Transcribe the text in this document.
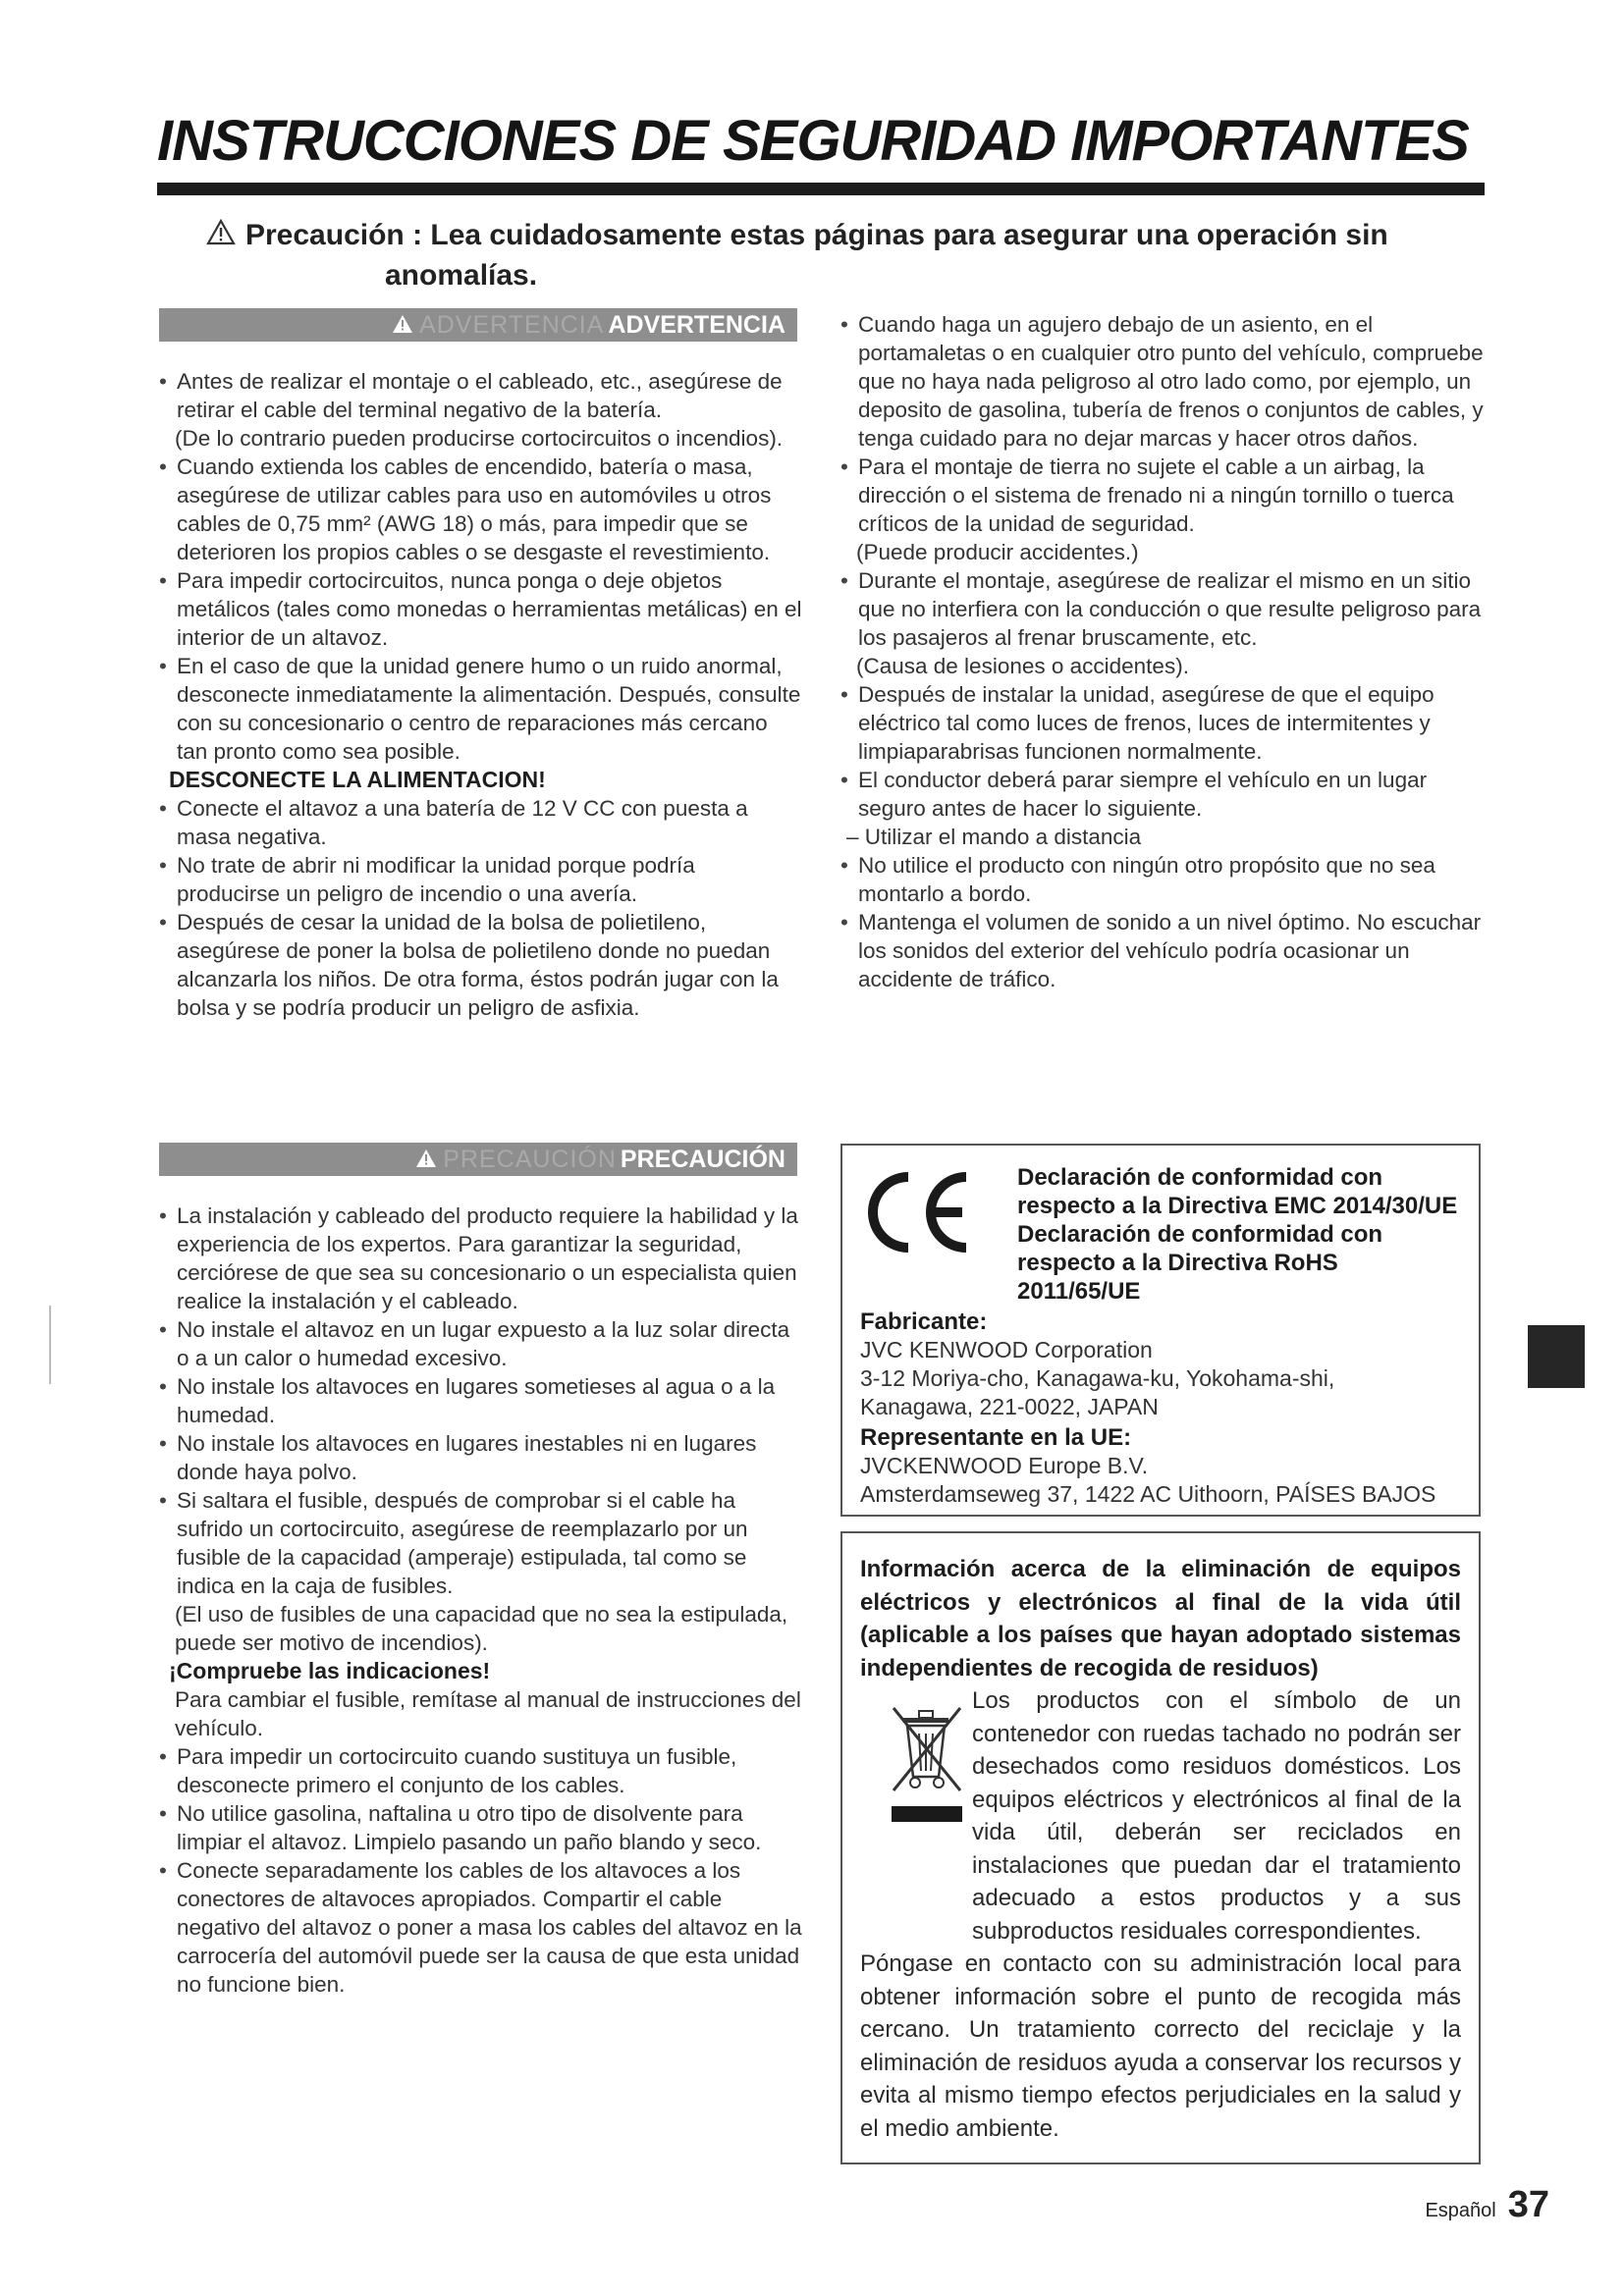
INSTRUCCIONES DE SEGURIDAD IMPORTANTES
Precaución : Lea cuidadosamente estas páginas para asegurar una operación sin
anomalías.
ADVERTENCIA ADVERTENCIA
• Antes de realizar el montaje o el cableado, etc., asegúrese de retirar el cable del terminal negativo de la batería.
(De lo contrario pueden producirse cortocircuitos o incendios).
• Cuando extienda los cables de encendido, batería o masa, asegúrese de utilizar cables para uso en automóviles u otros cables de 0,75 mm² (AWG 18) o más, para impedir que se deterioren los propios cables o se desgaste el revestimiento.
• Para impedir cortocircuitos, nunca ponga o deje objetos metálicos (tales como monedas o herramientas metálicas) en el interior de un altavoz.
• En el caso de que la unidad genere humo o un ruido anormal, desconecte inmediatamente la alimentación. Después, consulte con su concesionario o centro de reparaciones más cercano tan pronto como sea posible.
DESCONECTE LA ALIMENTACION!
• Conecte el altavoz a una batería de 12 V CC con puesta a masa negativa.
• No trate de abrir ni modificar la unidad porque podría producirse un peligro de incendio o una avería.
• Después de cesar la unidad de la bolsa de polietileno, asegúrese de poner la bolsa de polietileno donde no puedan alcanzarla los niños. De otra forma, éstos podrán jugar con la bolsa y se podría producir un peligro de asfixia.
• Cuando haga un agujero debajo de un asiento, en el portamaletas o en cualquier otro punto del vehículo, compruebe que no haya nada peligroso al otro lado como, por ejemplo, un deposito de gasolina, tubería de frenos o conjuntos de cables, y tenga cuidado para no dejar marcas y hacer otros daños.
• Para el montaje de tierra no sujete el cable a un airbag, la dirección o el sistema de frenado ni a ningún tornillo o tuerca críticos de la unidad de seguridad.
(Puede producir accidentes.)
• Durante el montaje, asegúrese de realizar el mismo en un sitio que no interfiera con la conducción o que resulte peligroso para los pasajeros al frenar bruscamente, etc.
(Causa de lesiones o accidentes).
• Después de instalar la unidad, asegúrese de que el equipo eléctrico tal como luces de frenos, luces de intermitentes y limpiaparabrisas funcionen normalmente.
• El conductor deberá parar siempre el vehículo en un lugar seguro antes de hacer lo siguiente.
– Utilizar el mando a distancia
• No utilice el producto con ningún otro propósito que no sea montarlo a bordo.
• Mantenga el volumen de sonido a un nivel óptimo. No escuchar los sonidos del exterior del vehículo podría ocasionar un accidente de tráfico.
PRECAUCIÓN PRECAUCIÓN
• La instalación y cableado del producto requiere la habilidad y la experiencia de los expertos. Para garantizar la seguridad, cerciórese de que sea su concesionario o un especialista quien realice la instalación y el cableado.
• No instale el altavoz en un lugar expuesto a la luz solar directa o a un calor o humedad excesivo.
• No instale los altavoces en lugares sometieses al agua o a la humedad.
• No instale los altavoces en lugares inestables ni en lugares donde haya polvo.
• Si saltara el fusible, después de comprobar si el cable ha sufrido un cortocircuito, asegúrese de reemplazarlo por un fusible de la capacidad (amperaje) estipulada, tal como se indica en la caja de fusibles.
(El uso de fusibles de una capacidad que no sea la estipulada, puede ser motivo de incendios).
¡Compruebe las indicaciones!
Para cambiar el fusible, remítase al manual de instrucciones del vehículo.
• Para impedir un cortocircuito cuando sustituya un fusible, desconecte primero el conjunto de los cables.
• No utilice gasolina, naftalina u otro tipo de disolvente para limpiar el altavoz. Limpielo pasando un paño blando y seco.
• Conecte separadamente los cables de los altavoces a los conectores de altavoces apropiados. Compartir el cable negativo del altavoz o poner a masa los cables del altavoz en la carrocería del automóvil puede ser la causa de que esta unidad no funcione bien.
Declaración de conformidad con respecto a la Directiva EMC 2014/30/UE Declaración de conformidad con respecto a la Directiva RoHS 2011/65/UE
Fabricante:
JVC KENWOOD Corporation
3-12 Moriya-cho, Kanagawa-ku, Yokohama-shi,
Kanagawa, 221-0022, JAPAN
Representante en la UE:
JVCKENWOOD Europe B.V.
Amsterdamseweg 37, 1422 AC Uithoorn, PAÍSES BAJOS
Información acerca de la eliminación de equipos eléctricos y electrónicos al final de la vida útil (aplicable a los países que hayan adoptado sistemas independientes de recogida de residuos)
Los productos con el símbolo de un contenedor con ruedas tachado no podrán ser desechados como residuos domésticos. Los equipos eléctricos y electrónicos al final de la vida útil, deberán ser reciclados en instalaciones que puedan dar el tratamiento adecuado a estos productos y a sus subproductos residuales correspondientes.
Póngase en contacto con su administración local para obtener información sobre el punto de recogida más cercano. Un tratamiento correcto del reciclaje y la eliminación de residuos ayuda a conservar los recursos y evita al mismo tiempo efectos perjudiciales en la salud y el medio ambiente.
Español 37
